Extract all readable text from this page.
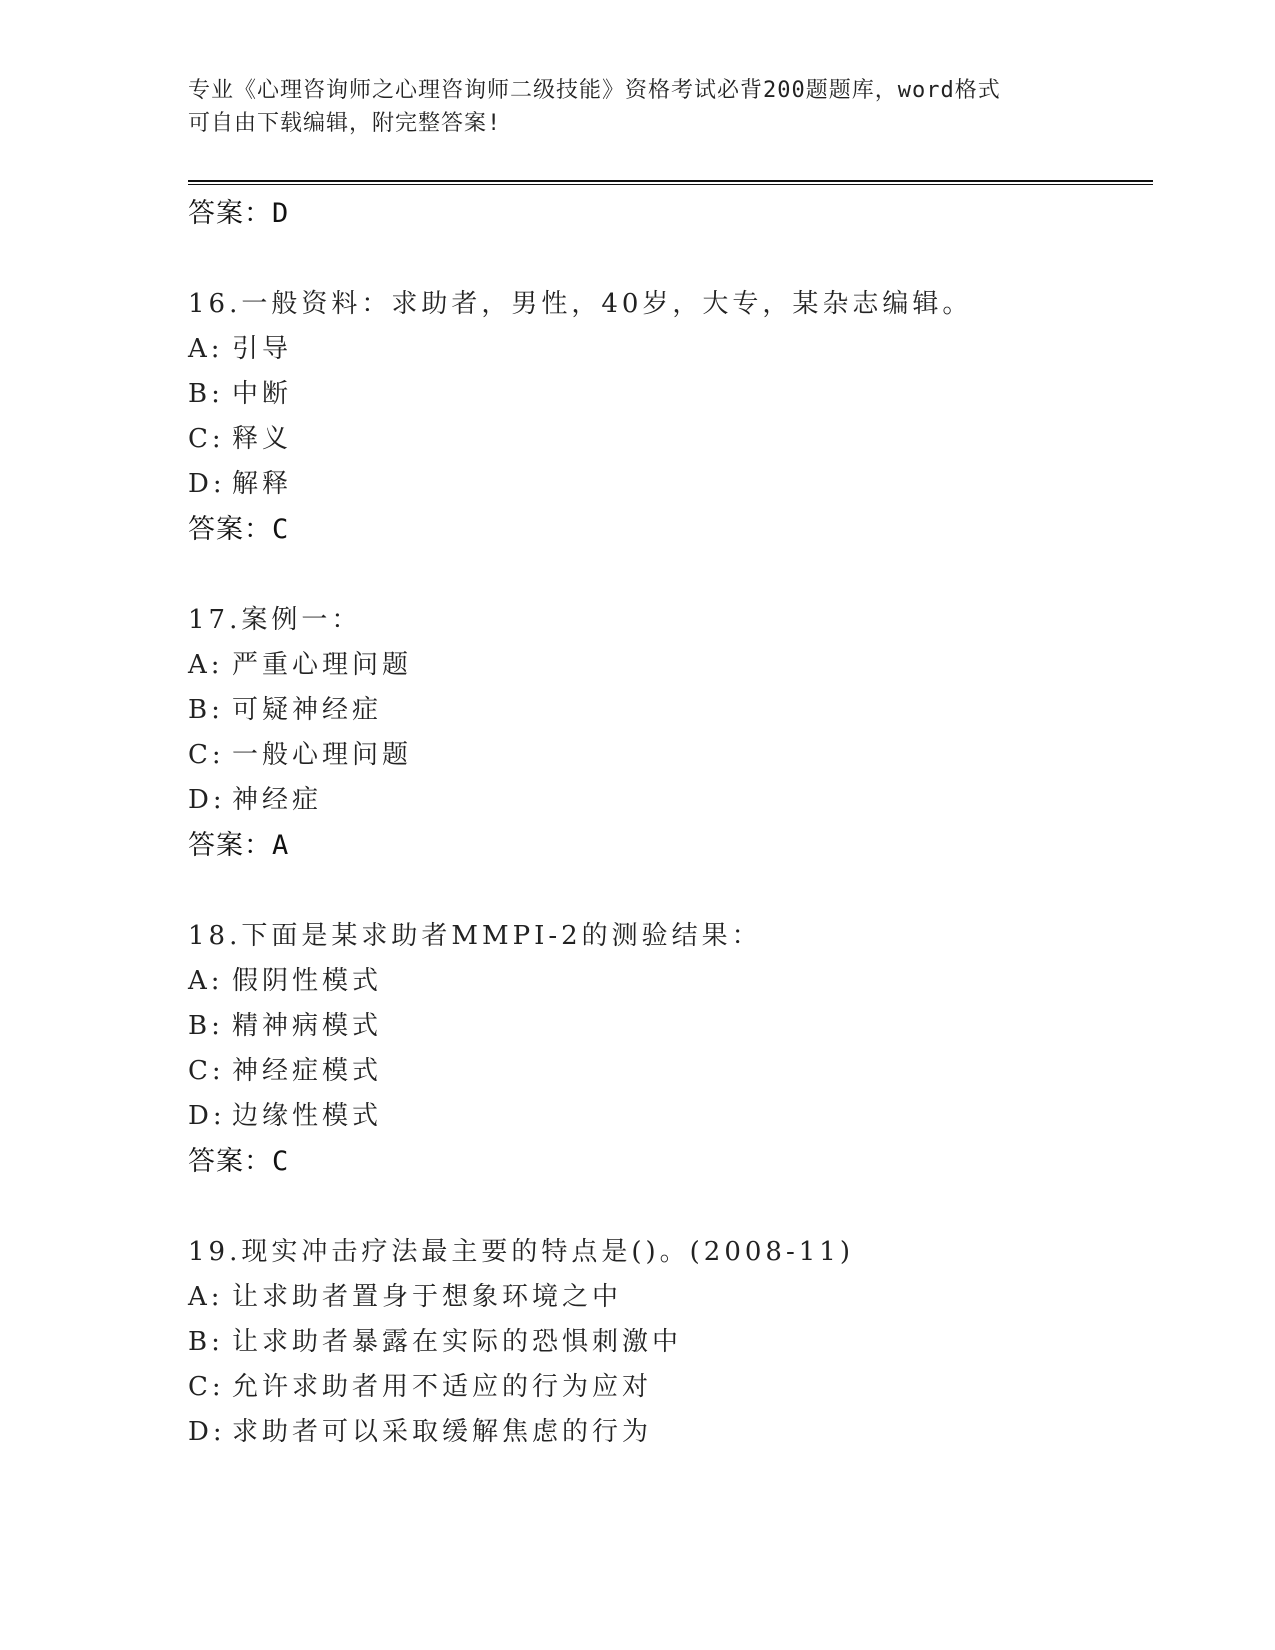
专业《心理咨询师之心理咨询师二级技能》资格考试必背200题题库，word格式
可自由下载编辑，附完整答案!
答案：D
16.一般资料：求助者，男性，40岁，大专，某杂志编辑。
A: 引导
B: 中断
C: 释义
D: 解释
答案：C
17.案例一：
A: 严重心理问题
B: 可疑神经症
C: 一般心理问题
D: 神经症
答案：A
18.下面是某求助者MMPI-2的测验结果：
A: 假阴性模式
B: 精神病模式
C: 神经症模式
D: 边缘性模式
答案：C
19.现实冲击疗法最主要的特点是()。(2008-11)
A: 让求助者置身于想象环境之中
B: 让求助者暴露在实际的恐惧刺激中
C: 允许求助者用不适应的行为应对
D: 求助者可以采取缓解焦虑的行为
